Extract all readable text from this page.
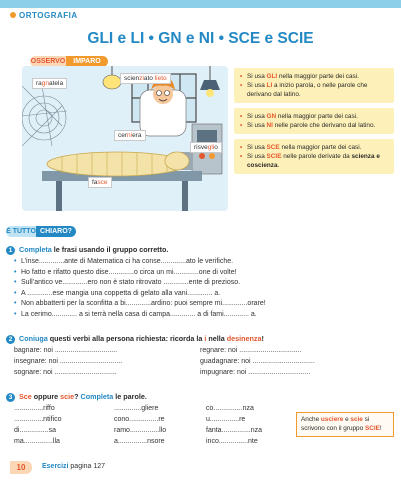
ORTOGRAFIA
GLI e LI • GN e NI • SCE e SCIE
OSSERVO	IMPARO
ragnatela
scienziato lieto
cerniera
risveglio
fasce
• Si usa GLI nella maggior parte dei casi.
• Si usa LI a inizio parola, o nelle parole che derivano dal latino.
• Si usa GN nella maggior parte dei casi.
• Si usa NI nelle parole che derivano dal latino.
• Si usa SCE nella maggior parte dei casi.
• Si usa SCIE nelle parole derivate da scienza e coscienza.
È TUTTO CHIARO?
1 Completa le frasi usando il gruppo corretto.
• L’inse.............ante di Matematica ci ha conse.............ato le verifiche.
• Ho fatto e rifatto questo dise.............o circa un mi.............one di volte!
• Sull’antico ve.............ero non è stato ritrovato .............ente di prezioso.
• A .............ese mangia una coppetta di gelato alla vani............. a.
• Non abbatterti per la sconfitta a bi.............ardino: puoi sempre mi.............orare!
• La cerimo............. a si terrà nella casa di campa............. a di fami............. a.
2 Coniuga questi verbi alla persona richiesta: ricorda la i nella desinenza!
bagnare: noi ................................
insegnare: noi ................................
sognare: noi ................................
regnare: noi ................................
guadagnare: noi ................................
impugnare: noi ................................
3 Sce oppure scie? Completa le parole.
...............riffo
...............ntifico
di...............sa
ma...............lla
..............gliere
cono...............re
ramo...............llo
a...............nsore
co...............nza
u...............re
fanta...............nza
inco...............nte
Anche usciere e scie si scrivono con il gruppo SCIE!
10	Esercizi pagina 127
